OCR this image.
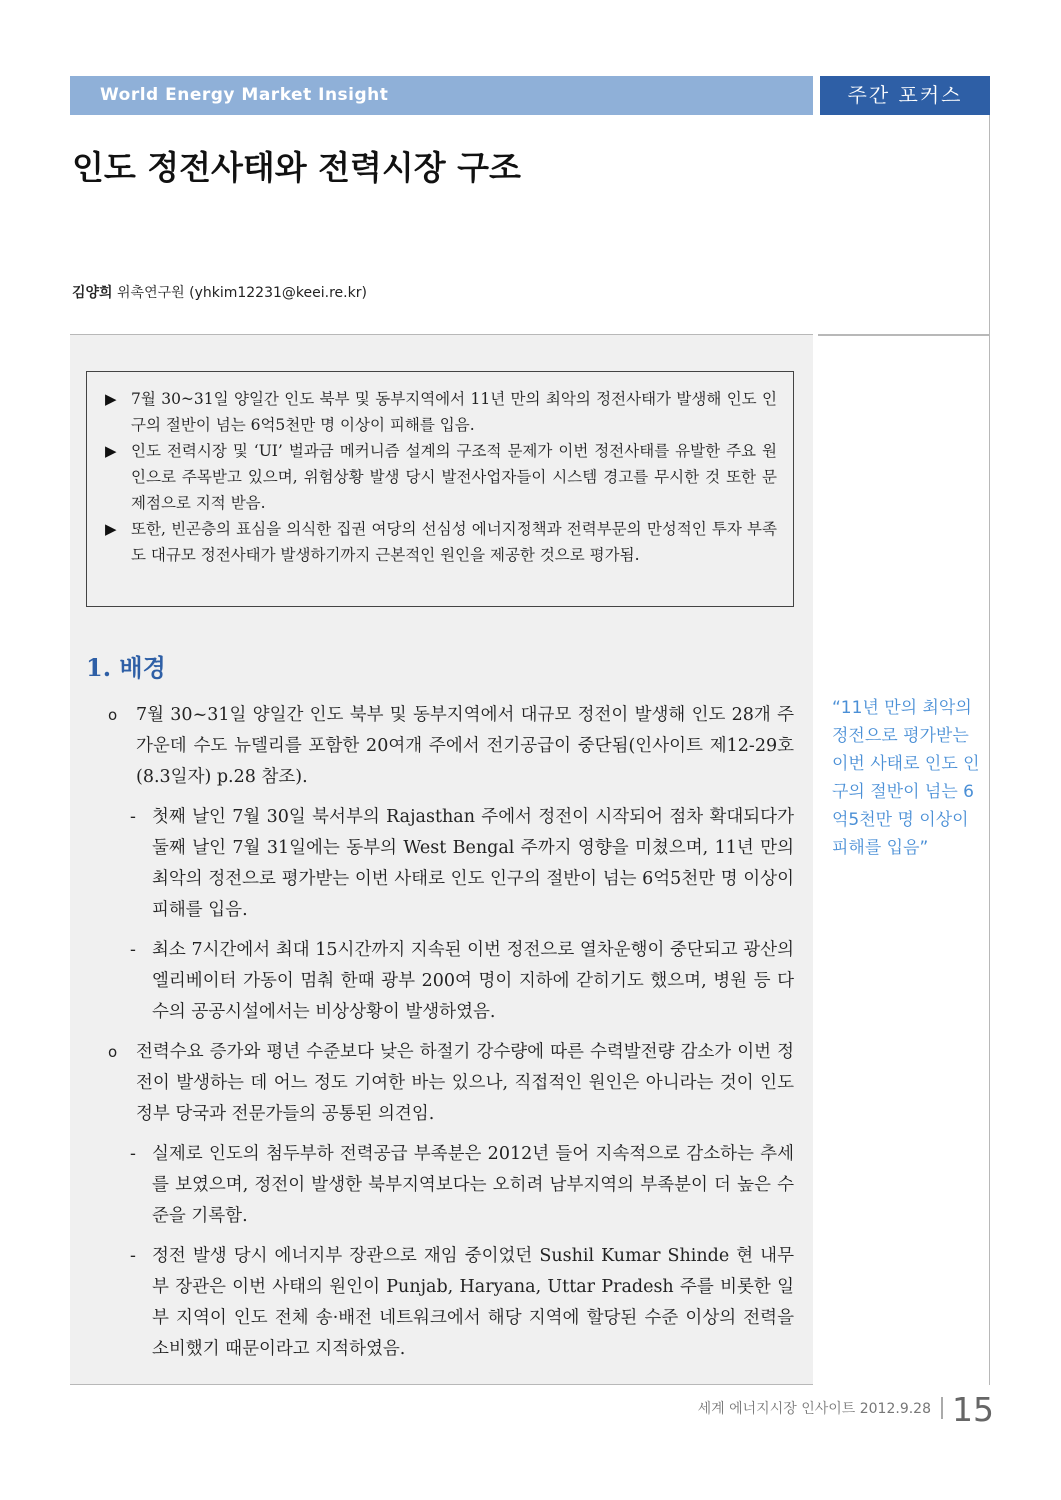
World Energy Market Insight	주간 포커스
인도 정전사태와 전력시장 구조
김양희 위촉연구원 (yhkim12231@keei.re.kr)

▶ 7월 30~31일 양일간 인도 북부 및 동부지역에서 11년 만의 최악의 정전사태가 발생해 인도 인구의 절반이 넘는 6억5천만 명 이상이 피해를 입음.

▶ 인도 전력시장 및 ‘UI’ 벌과금 메커니즘 설계의 구조적 문제가 이번 정전사태를 유발한 주요 원인으로 주목받고 있으며, 위험상황 발생 당시 발전사업자들이 시스템 경고를 무시한 것 또한 문제점으로 지적 받음.

▶ 또한, 빈곤층의 표심을 의식한 집권 여당의 선심성 에너지정책과 전력부문의 만성적인 투자 부족도 대규모 정전사태가 발생하기까지 근본적인 원인을 제공한 것으로 평가됨.

1. 배경

o 7월 30~31일 양일간 인도 북부 및 동부지역에서 대규모 정전이 발생해 인도 28개 주 가운데 수도 뉴델리를 포함한 20여개 주에서 전기공급이 중단됨(인사이트 제12-29호(8.3일자) p.28 참조).

- 첫째 날인 7월 30일 북서부의 Rajasthan 주에서 정전이 시작되어 점차 확대되다가 둘째 날인 7월 31일에는 동부의 West Bengal 주까지 영향을 미쳤으며, 11년 만의 최악의 정전으로 평가받는 이번 사태로 인도 인구의 절반이 넘는 6억5천만 명 이상이 피해를 입음.

- 최소 7시간에서 최대 15시간까지 지속된 이번 정전으로 열차운행이 중단되고 광산의 엘리베이터 가동이 멈춰 한때 광부 200여 명이 지하에 갇히기도 했으며, 병원 등 다수의 공공시설에서는 비상상황이 발생하였음.

o 전력수요 증가와 평년 수준보다 낮은 하절기 강수량에 따른 수력발전량 감소가 이번 정전이 발생하는 데 어느 정도 기여한 바는 있으나, 직접적인 원인은 아니라는 것이 인도 정부 당국과 전문가들의 공통된 의견임.

- 실제로 인도의 첨두부하 전력공급 부족분은 2012년 들어 지속적으로 감소하는 추세를 보였으며, 정전이 발생한 북부지역보다는 오히려 남부지역의 부족분이 더 높은 수준을 기록함.

- 정전 발생 당시 에너지부 장관으로 재임 중이었던 Sushil Kumar Shinde 현 내무부 장관은 이번 사태의 원인이 Punjab, Haryana, Uttar Pradesh 주를 비롯한 일부 지역이 인도 전체 송·배전 네트워크에서 해당 지역에 할당된 수준 이상의 전력을 소비했기 때문이라고 지적하였음.

“11년 만의 최악의 정전으로 평가받는 이번 사태로 인도 인구의 절반이 넘는 6억5천만 명 이상이 피해를 입음”
세계 에너지시장 인사이트 2012.9.28 15
